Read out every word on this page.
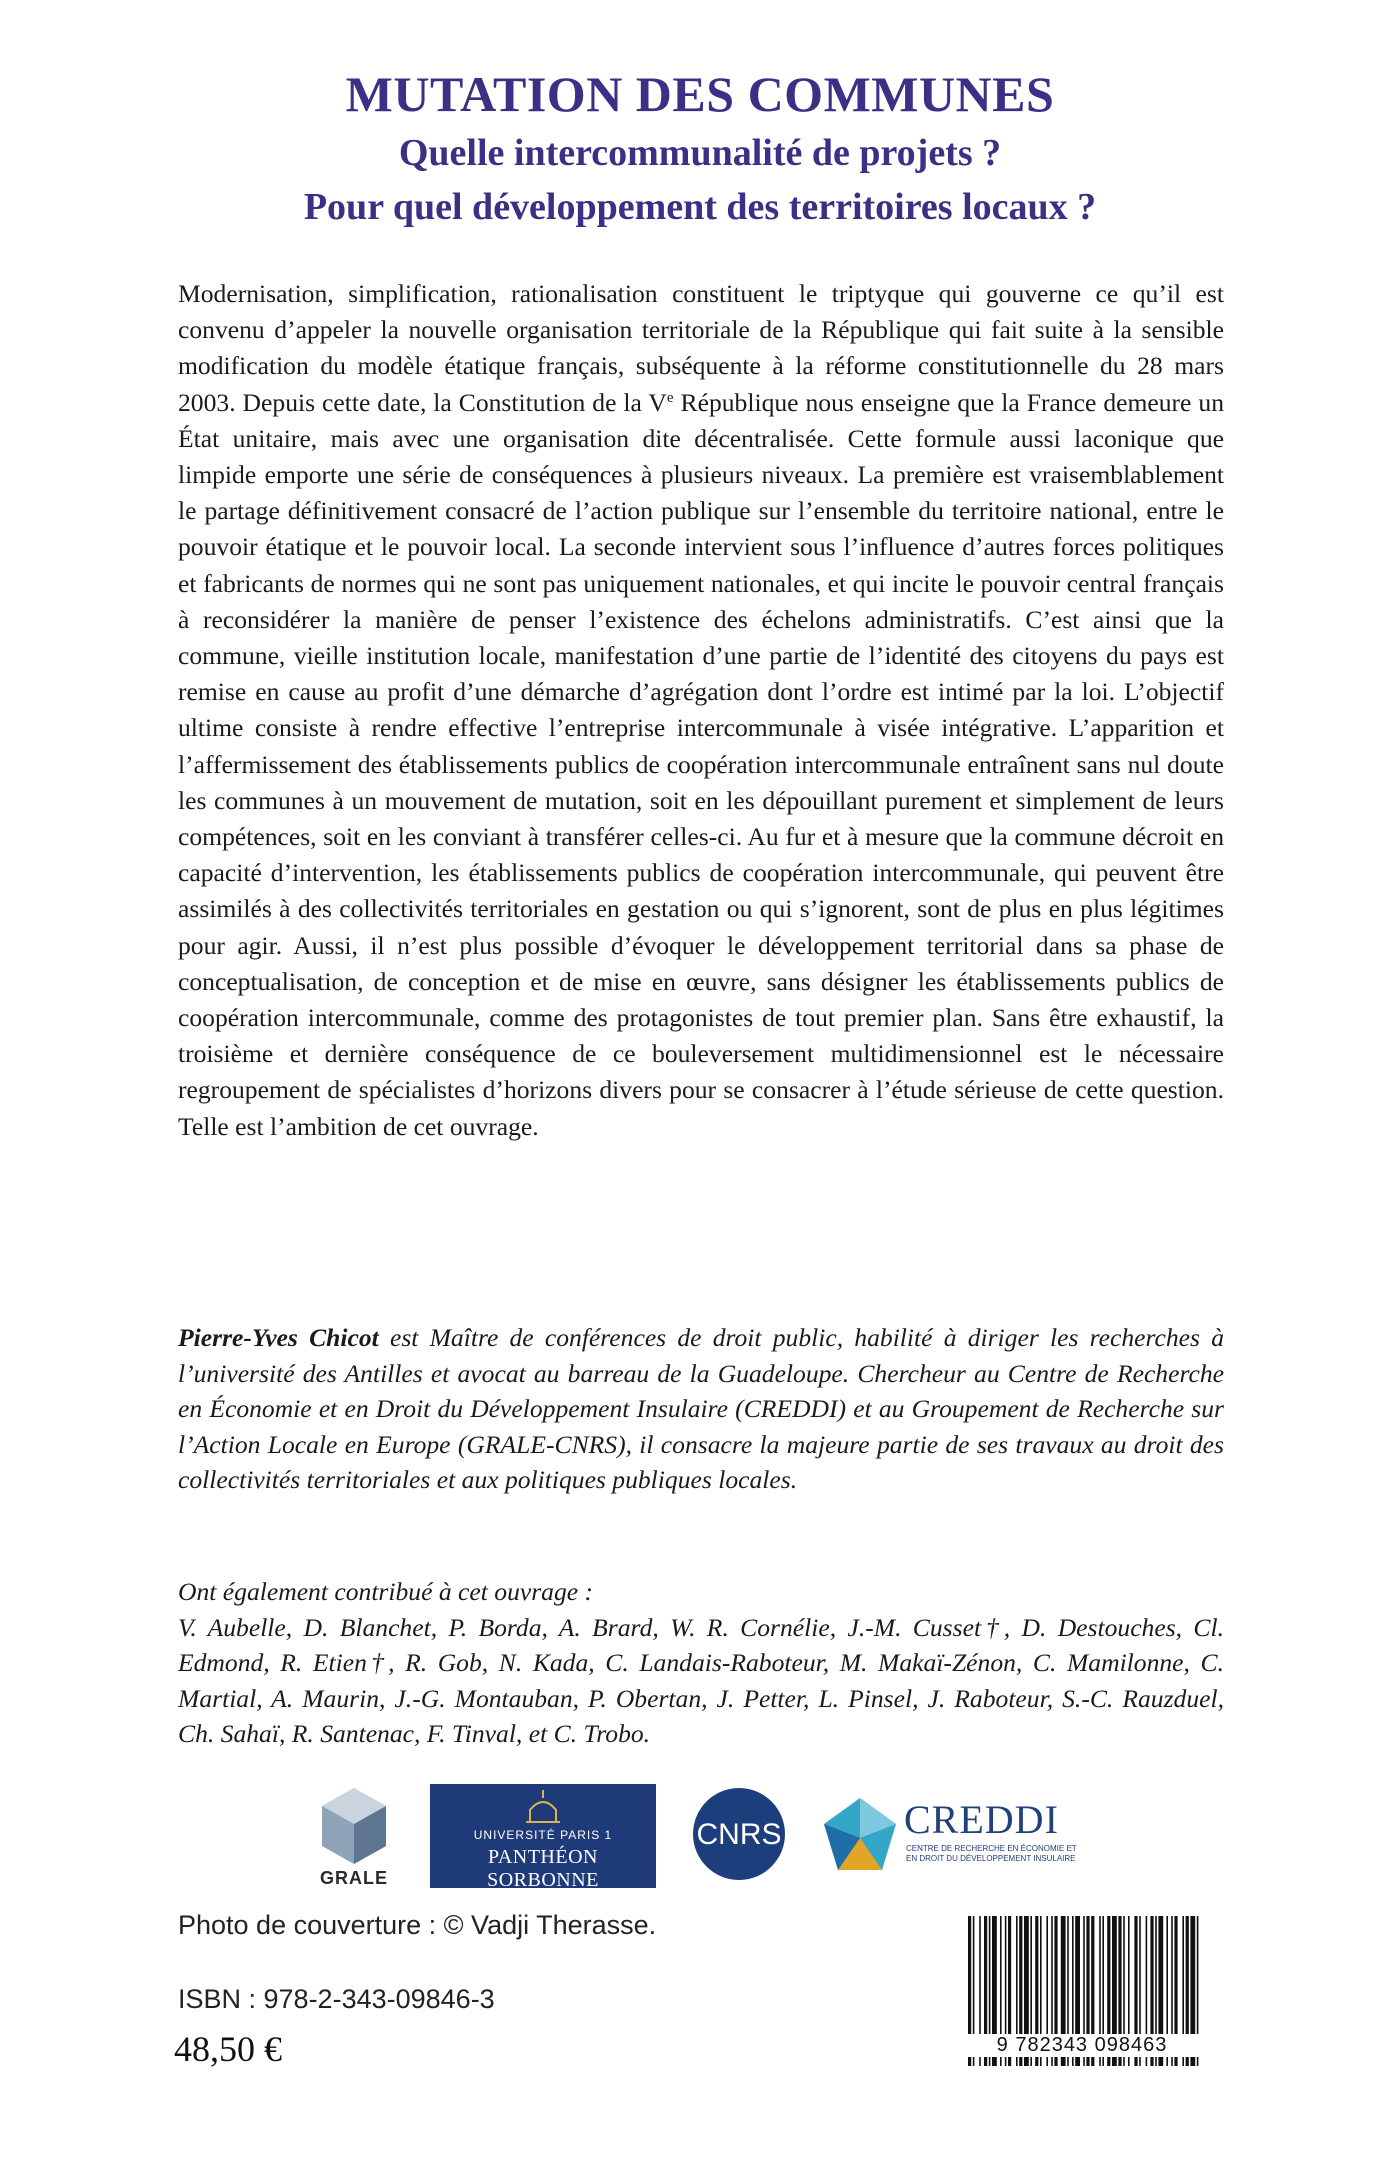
MUTATION DES COMMUNES
Quelle intercommunalité de projets ?
Pour quel développement des territoires locaux ?
Modernisation, simplification, rationalisation constituent le triptyque qui gouverne ce qu’il est convenu d’appeler la nouvelle organisation territoriale de la République qui fait suite à la sensible modification du modèle étatique français, subséquente à la réforme constitutionnelle du 28 mars 2003. Depuis cette date, la Constitution de la Ve République nous enseigne que la France demeure un État unitaire, mais avec une organisation dite décentralisée. Cette formule aussi laconique que limpide emporte une série de conséquences à plusieurs niveaux. La première est vraisemblablement le partage définitivement consacré de l’action publique sur l’ensemble du territoire national, entre le pouvoir étatique et le pouvoir local. La seconde intervient sous l’influence d’autres forces politiques et fabricants de normes qui ne sont pas uniquement nationales, et qui incite le pouvoir central français à reconsidérer la manière de penser l’existence des échelons administratifs. C’est ainsi que la commune, vieille institution locale, manifestation d’une partie de l’identité des citoyens du pays est remise en cause au profit d’une démarche d’agrégation dont l’ordre est intimé par la loi. L’objectif ultime consiste à rendre effective l’entreprise intercommunale à visée intégrative. L’apparition et l’affermissement des établissements publics de coopération intercommunale entraînent sans nul doute les communes à un mouvement de mutation, soit en les dépouillant purement et simplement de leurs compétences, soit en les conviant à transférer celles-ci. Au fur et à mesure que la commune décroit en capacité d’intervention, les établissements publics de coopération intercommunale, qui peuvent être assimilés à des collectivités territoriales en gestation ou qui s’ignorent, sont de plus en plus légitimes pour agir. Aussi, il n’est plus possible d’évoquer le développement territorial dans sa phase de conceptualisation, de conception et de mise en œuvre, sans désigner les établissements publics de coopération intercommunale, comme des protagonistes de tout premier plan. Sans être exhaustif, la troisième et dernière conséquence de ce bouleversement multidimensionnel est le nécessaire regroupement de spécialistes d’horizons divers pour se consacrer à l’étude sérieuse de cette question. Telle est l’ambition de cet ouvrage.
Pierre-Yves Chicot est Maître de conférences de droit public, habilité à diriger les recherches à l’université des Antilles et avocat au barreau de la Guadeloupe. Chercheur au Centre de Recherche en Économie et en Droit du Développement Insulaire (CREDDI) et au Groupement de Recherche sur l’Action Locale en Europe (GRALE-CNRS), il consacre la majeure partie de ses travaux au droit des collectivités territoriales et aux politiques publiques locales.
Ont également contribué à cet ouvrage :
V. Aubelle, D. Blanchet, P. Borda, A. Brard, W. R. Cornélie, J.-M. Cusset†, D. Destouches, Cl. Edmond, R. Etien†, R. Gob, N. Kada, C. Landais-Raboteur, M. Makaï-Zénon, C. Mamilonne, C. Martial, A. Maurin, J.-G. Montauban, P. Obertan, J. Petter, L. Pinsel, J. Raboteur, S.-C. Rauzduel, Ch. Sahaï, R. Santenac, F. Tinval, et C. Trobo.
GRALE
UNIVERSITÉ PARIS 1
PANTHÉON SORBONNE
CNRS	CREDDI
CENTRE DE RECHERCHE EN ÉCONOMIE ET EN DROIT DU DÉVELOPPEMENT INSULAIRE
Photo de couverture : © Vadji Therasse.
ISBN : 978-2-343-09846-3
48,50 €	9 782343 098463
